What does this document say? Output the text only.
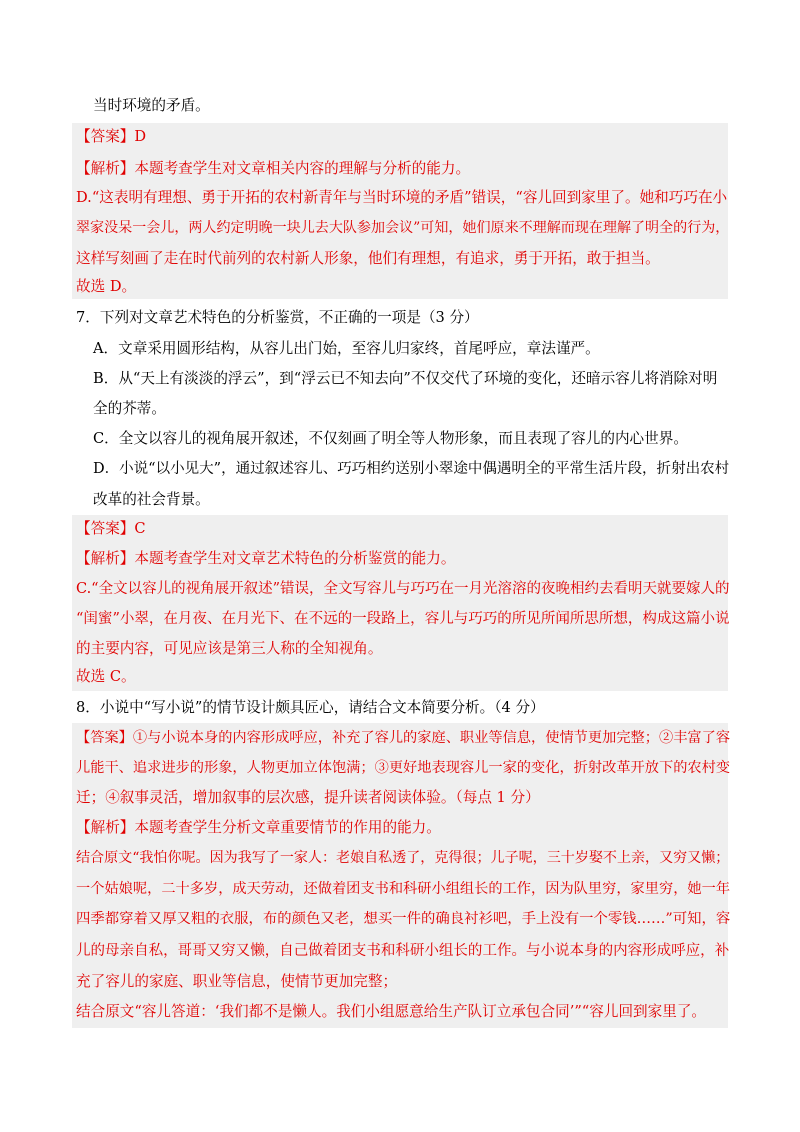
当时环境的矛盾。
【答案】D
【解析】本题考查学生对文章相关内容的理解与分析的能力。
D.“这表明有理想、勇于开拓的农村新青年与当时环境的矛盾”错误，“容儿回到家里了。她和巧巧在小
翠家没呆一会儿，两人约定明晚一块儿去大队参加会议”可知，她们原来不理解而现在理解了明全的行为，
这样写刻画了走在时代前列的农村新人形象，他们有理想，有追求，勇于开拓，敢于担当。
故选 D。
7．下列对文章艺术特色的分析鉴赏，不正确的一项是（3 分）
A．文章采用圆形结构，从容儿出门始，至容儿归家终，首尾呼应，章法谨严。
B．从“天上有淡淡的浮云”，到“浮云已不知去向”不仅交代了环境的变化，还暗示容儿将消除对明
全的芥蒂。
C．全文以容儿的视角展开叙述，不仅刻画了明全等人物形象，而且表现了容儿的内心世界。
D．小说“以小见大”，通过叙述容儿、巧巧相约送别小翠途中偶遇明全的平常生活片段，折射出农村
改革的社会背景。
【答案】C
【解析】本题考查学生对文章艺术特色的分析鉴赏的能力。
C.“全文以容儿的视角展开叙述”错误，全文写容儿与巧巧在一月光溶溶的夜晚相约去看明天就要嫁人的
“闺蜜”小翠，在月夜、在月光下、在不远的一段路上，容儿与巧巧的所见所闻所思所想，构成这篇小说
的主要内容，可见应该是第三人称的全知视角。
故选 C。
8．小说中“写小说”的情节设计颇具匠心，请结合文本简要分析。（4 分）
【答案】①与小说本身的内容形成呼应，补充了容儿的家庭、职业等信息，使情节更加完整；②丰富了容
儿能干、追求进步的形象，人物更加立体饱满；③更好地表现容儿一家的变化，折射改革开放下的农村变
迁；④叙事灵活，增加叙事的层次感，提升读者阅读体验。（每点 1 分）
【解析】本题考查学生分析文章重要情节的作用的能力。
结合原文“我怕你呢。因为我写了一家人：老娘自私透了，克得很；儿子呢，三十岁娶不上亲，又穷又懒；
一个姑娘呢，二十多岁，成天劳动，还做着团支书和科研小组组长的工作，因为队里穷，家里穷，她一年
四季都穿着又厚又粗的衣服，布的颜色又老，想买一件的确良衬衫吧，手上没有一个零钱……”可知，容
儿的母亲自私，哥哥又穷又懒，自己做着团支书和科研小组长的工作。与小说本身的内容形成呼应，补
充了容儿的家庭、职业等信息，使情节更加完整；
结合原文“容儿答道：‘我们都不是懒人。我们小组愿意给生产队订立承包合同’”“容儿回到家里了。
